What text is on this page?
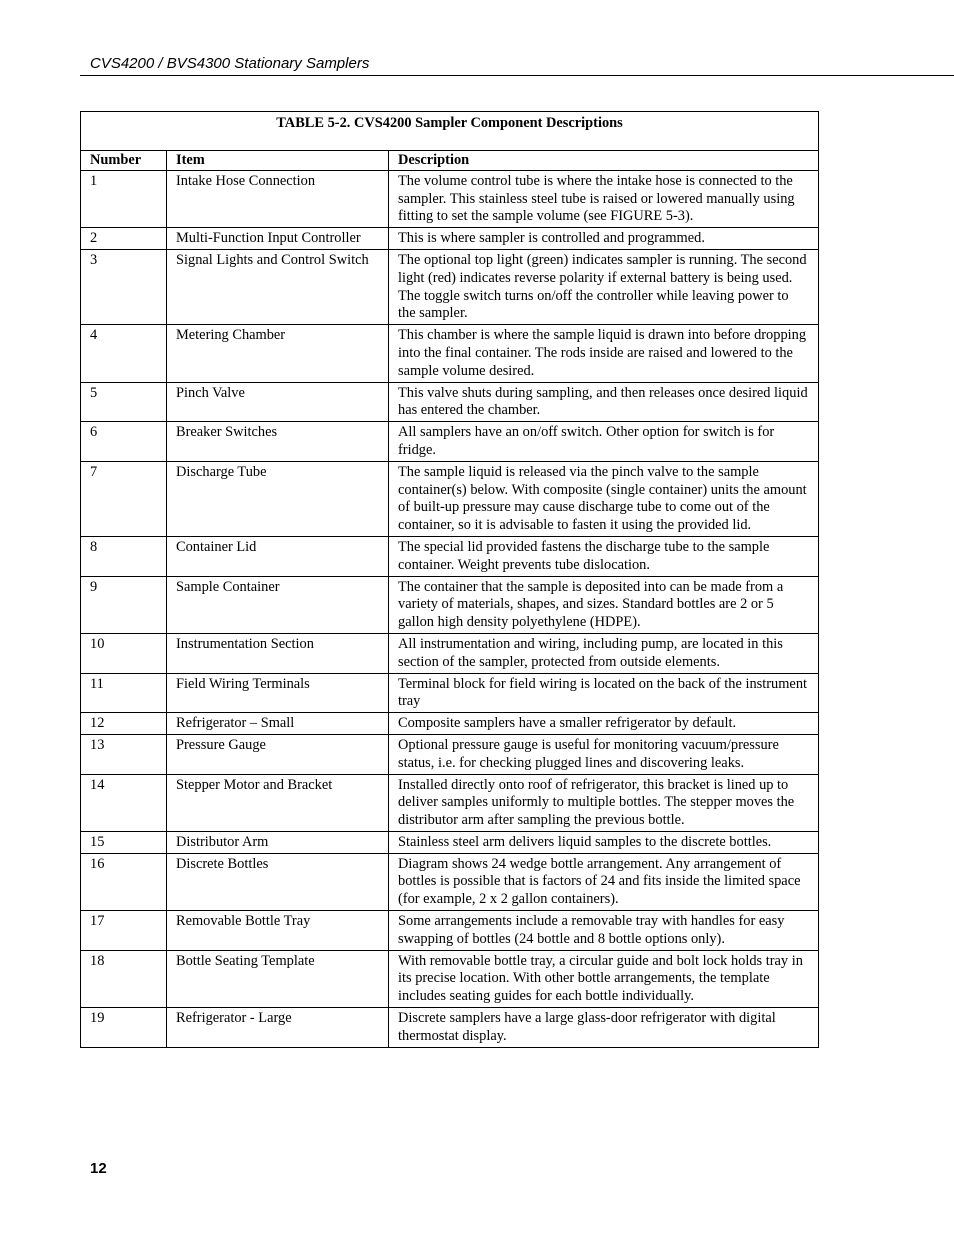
CVS4200 / BVS4300 Stationary Samplers
TABLE 5-2. CVS4200 Sampler Component Descriptions		
Number	Item	Description
1	Intake Hose Connection	The volume control tube is where the intake hose is connected to the sampler. This stainless steel tube is raised or lowered manually using fitting to set the sample volume (see FIGURE 5-3).
2	Multi-Function Input Controller	This is where sampler is controlled and programmed.
3	Signal Lights and Control Switch	The optional top light (green) indicates sampler is running. The second light (red) indicates reverse polarity if external battery is being used. The toggle switch turns on/off the controller while leaving power to the sampler.
4	Metering Chamber	This chamber is where the sample liquid is drawn into before dropping into the final container. The rods inside are raised and lowered to the sample volume desired.
5	Pinch Valve	This valve shuts during sampling, and then releases once desired liquid has entered the chamber.
6	Breaker Switches	All samplers have an on/off switch. Other option for switch is for fridge.
7	Discharge Tube	The sample liquid is released via the pinch valve to the sample container(s) below. With composite (single container) units the amount of built-up pressure may cause discharge tube to come out of the container, so it is advisable to fasten it using the provided lid.
8	Container Lid	The special lid provided fastens the discharge tube to the sample container. Weight prevents tube dislocation.
9	Sample Container	The container that the sample is deposited into can be made from a variety of materials, shapes, and sizes. Standard bottles are 2 or 5 gallon high density polyethylene (HDPE).
10	Instrumentation Section	All instrumentation and wiring, including pump, are located in this section of the sampler, protected from outside elements.
11	Field Wiring Terminals	Terminal block for field wiring is located on the back of the instrument tray
12	Refrigerator – Small	Composite samplers have a smaller refrigerator by default.
13	Pressure Gauge	Optional pressure gauge is useful for monitoring vacuum/pressure status, i.e. for checking plugged lines and discovering leaks.
14	Stepper Motor and Bracket	Installed directly onto roof of refrigerator, this bracket is lined up to deliver samples uniformly to multiple bottles. The stepper moves the distributor arm after sampling the previous bottle.
15	Distributor Arm	Stainless steel arm delivers liquid samples to the discrete bottles.
16	Discrete Bottles	Diagram shows 24 wedge bottle arrangement. Any arrangement of bottles is possible that is factors of 24 and fits inside the limited space (for example, 2 x 2 gallon containers).
17	Removable Bottle Tray	Some arrangements include a removable tray with handles for easy swapping of bottles (24 bottle and 8 bottle options only).
18	Bottle Seating Template	With removable bottle tray, a circular guide and bolt lock holds tray in its precise location. With other bottle arrangements, the template includes seating guides for each bottle individually.
19	Refrigerator - Large	Discrete samplers have a large glass-door refrigerator with digital thermostat display.
12
